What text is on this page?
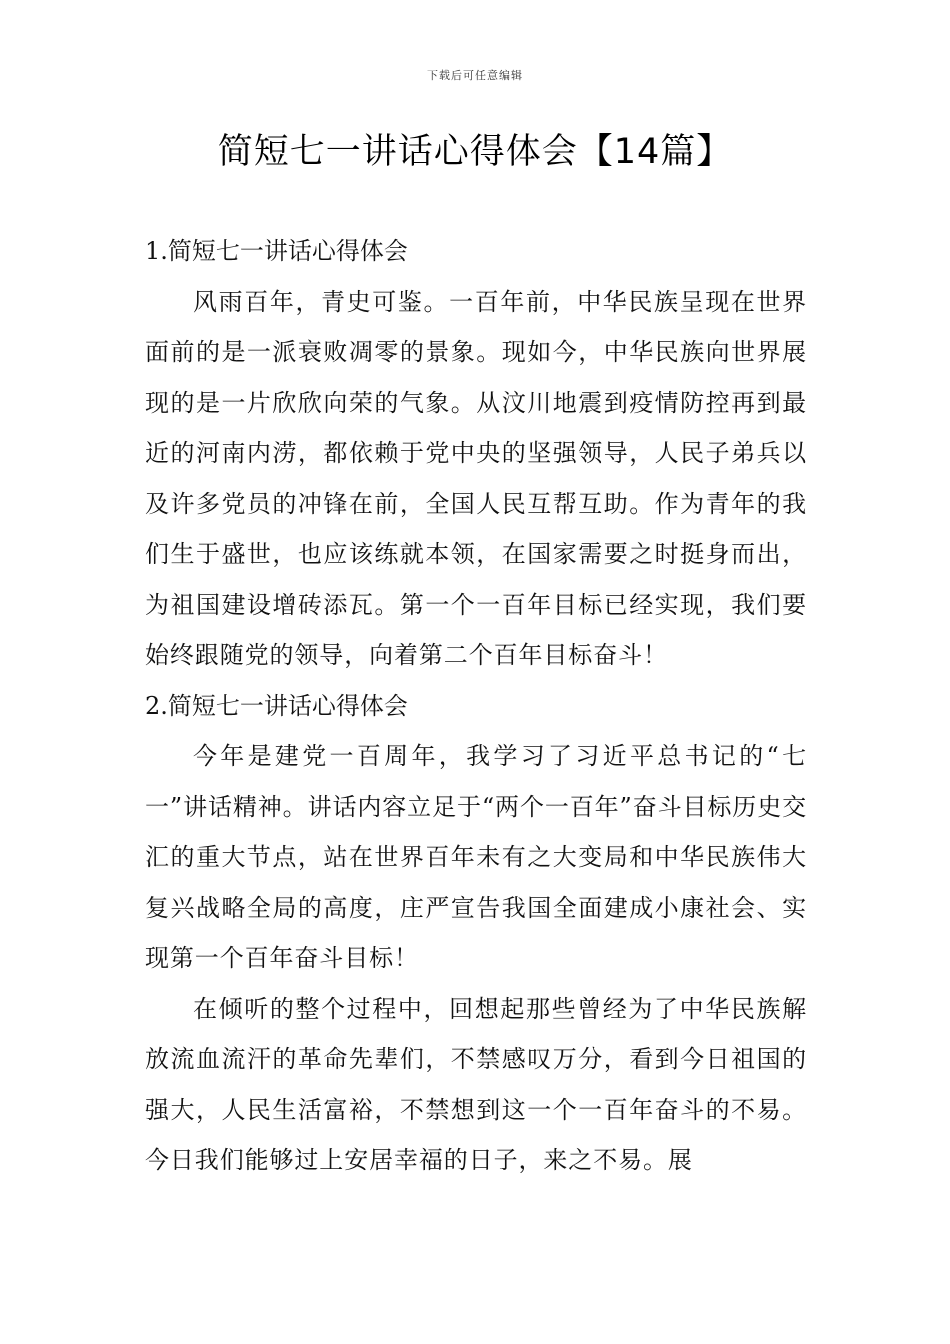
下载后可任意编辑
简短七一讲话心得体会【14篇】

1.简短七一讲话心得体会

风雨百年，青史可鉴。一百年前，中华民族呈现在世界面前的是一派衰败凋零的景象。现如今，中华民族向世界展现的是一片欣欣向荣的气象。从汶川地震到疫情防控再到最近的河南内涝，都依赖于党中央的坚强领导，人民子弟兵以及许多党员的冲锋在前，全国人民互帮互助。作为青年的我们生于盛世，也应该练就本领，在国家需要之时挺身而出，为祖国建设增砖添瓦。第一个一百年目标已经实现，我们要始终跟随党的领导，向着第二个百年目标奋斗！

2.简短七一讲话心得体会

今年是建党一百周年，我学习了习近平总书记的“七一”讲话精神。讲话内容立足于“两个一百年”奋斗目标历史交汇的重大节点，站在世界百年未有之大变局和中华民族伟大复兴战略全局的高度，庄严宣告我国全面建成小康社会、实现第一个百年奋斗目标！

在倾听的整个过程中，回想起那些曾经为了中华民族解放流血流汗的革命先辈们，不禁感叹万分，看到今日祖国的强大，人民生活富裕，不禁想到这一个一百年奋斗的不易。今日我们能够过上安居幸福的日子，来之不易。展
